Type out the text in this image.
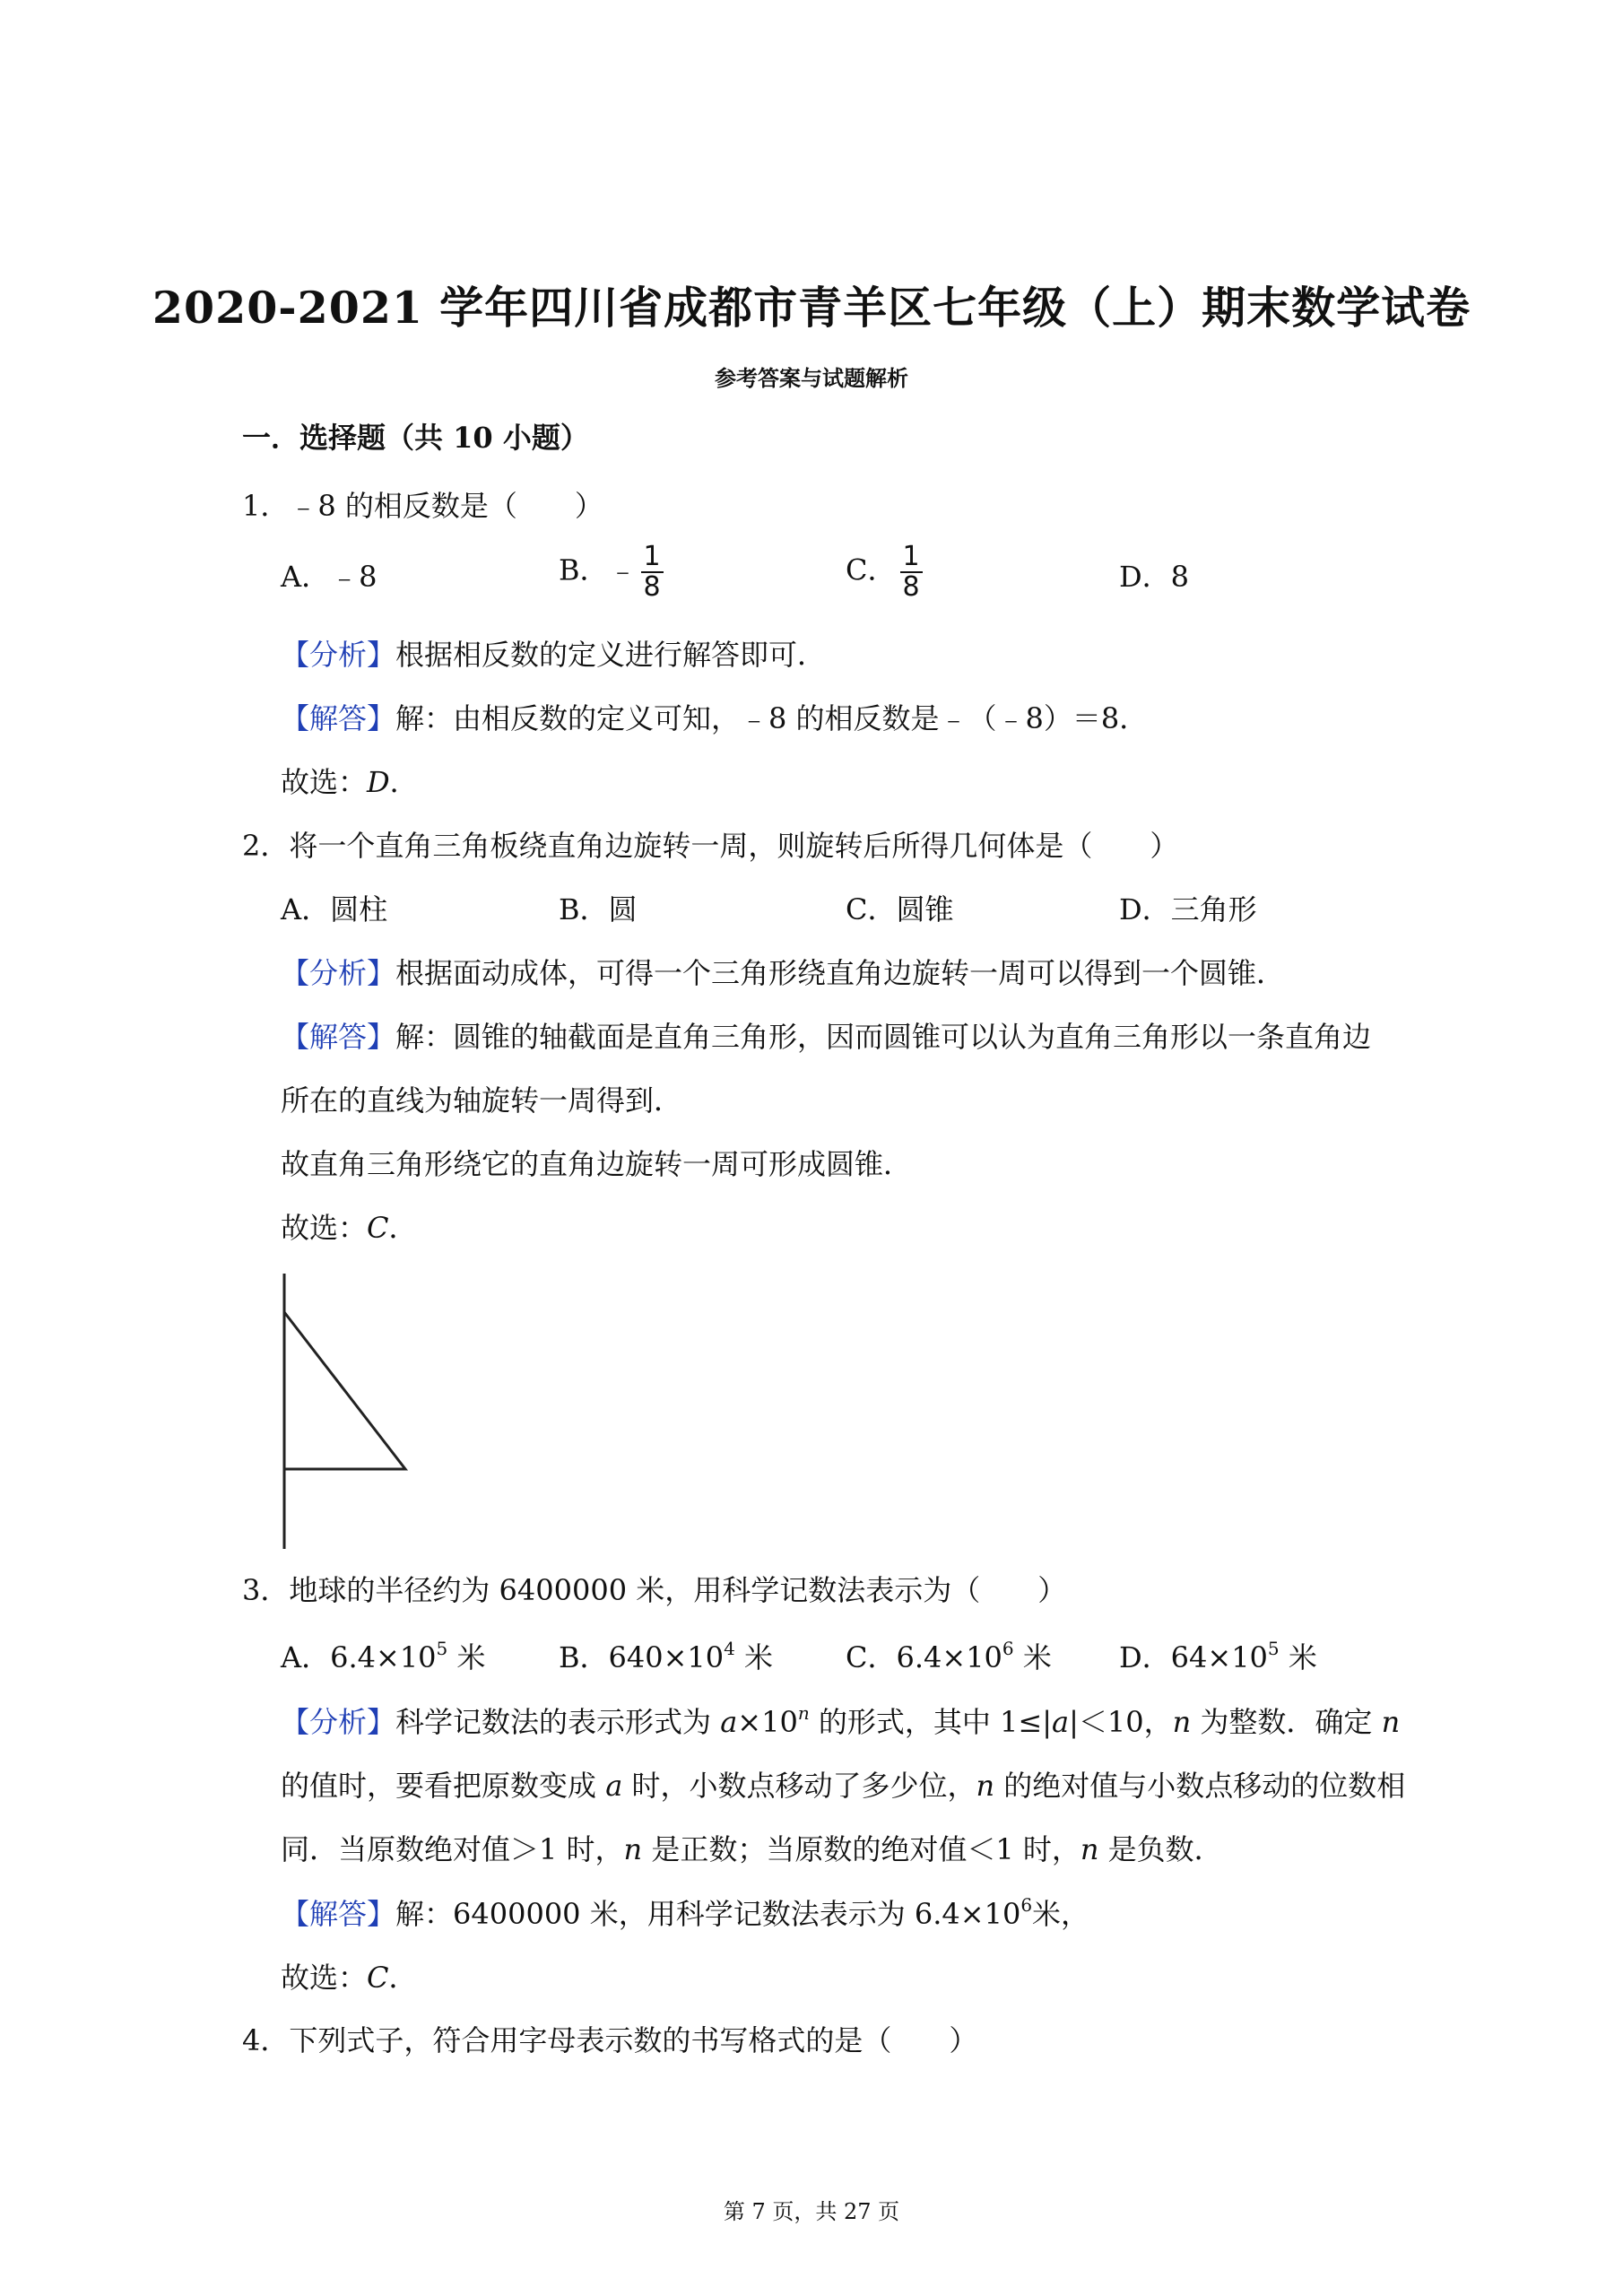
2020-2021 学年四川省成都市青羊区七年级（上）期末数学试卷
参考答案与试题解析
一．选择题（共 10 小题）
1．﹣8 的相反数是（　　）
A．﹣8	B．﹣ $\frac{1}{8}$	C． $\frac{1}{8}$	D．8
【分析】根据相反数的定义进行解答即可．
【解答】解：由相反数的定义可知，﹣8 的相反数是﹣（﹣8）＝8．
故选：D．
2．将一个直角三角板绕直角边旋转一周，则旋转后所得几何体是（　　）
A．圆柱	B．圆	C．圆锥	D．三角形
【分析】根据面动成体，可得一个三角形绕直角边旋转一周可以得到一个圆锥．
【解答】解：圆锥的轴截面是直角三角形，因而圆锥可以认为直角三角形以一条直角边
所在的直线为轴旋转一周得到．
故直角三角形绕它的直角边旋转一周可形成圆锥．
故选：C．
3．地球的半径约为 6400000 米，用科学记数法表示为（　　）
A．$6.4\times 10^5$ 米	B．$640\times 10^4$ 米	C．$6.4\times 10^6$ 米 D．$64\times 10^5$ 米
【分析】科学记数法的表示形式为 $a\times 10^n$ 的形式，其中 1≤|a|＜10，n 为整数．确定 n
的值时，要看把原数变成 a 时，小数点移动了多少位，n 的绝对值与小数点移动的位数相
同．当原数绝对值＞1 时，n 是正数；当原数的绝对值＜1 时，n 是负数．
【解答】解：6400000 米，用科学记数法表示为 $6.4\times 10^6$米，
故选：C．
4．下列式子，符合用字母表示数的书写格式的是（　　）
第 7 页，共 27 页
